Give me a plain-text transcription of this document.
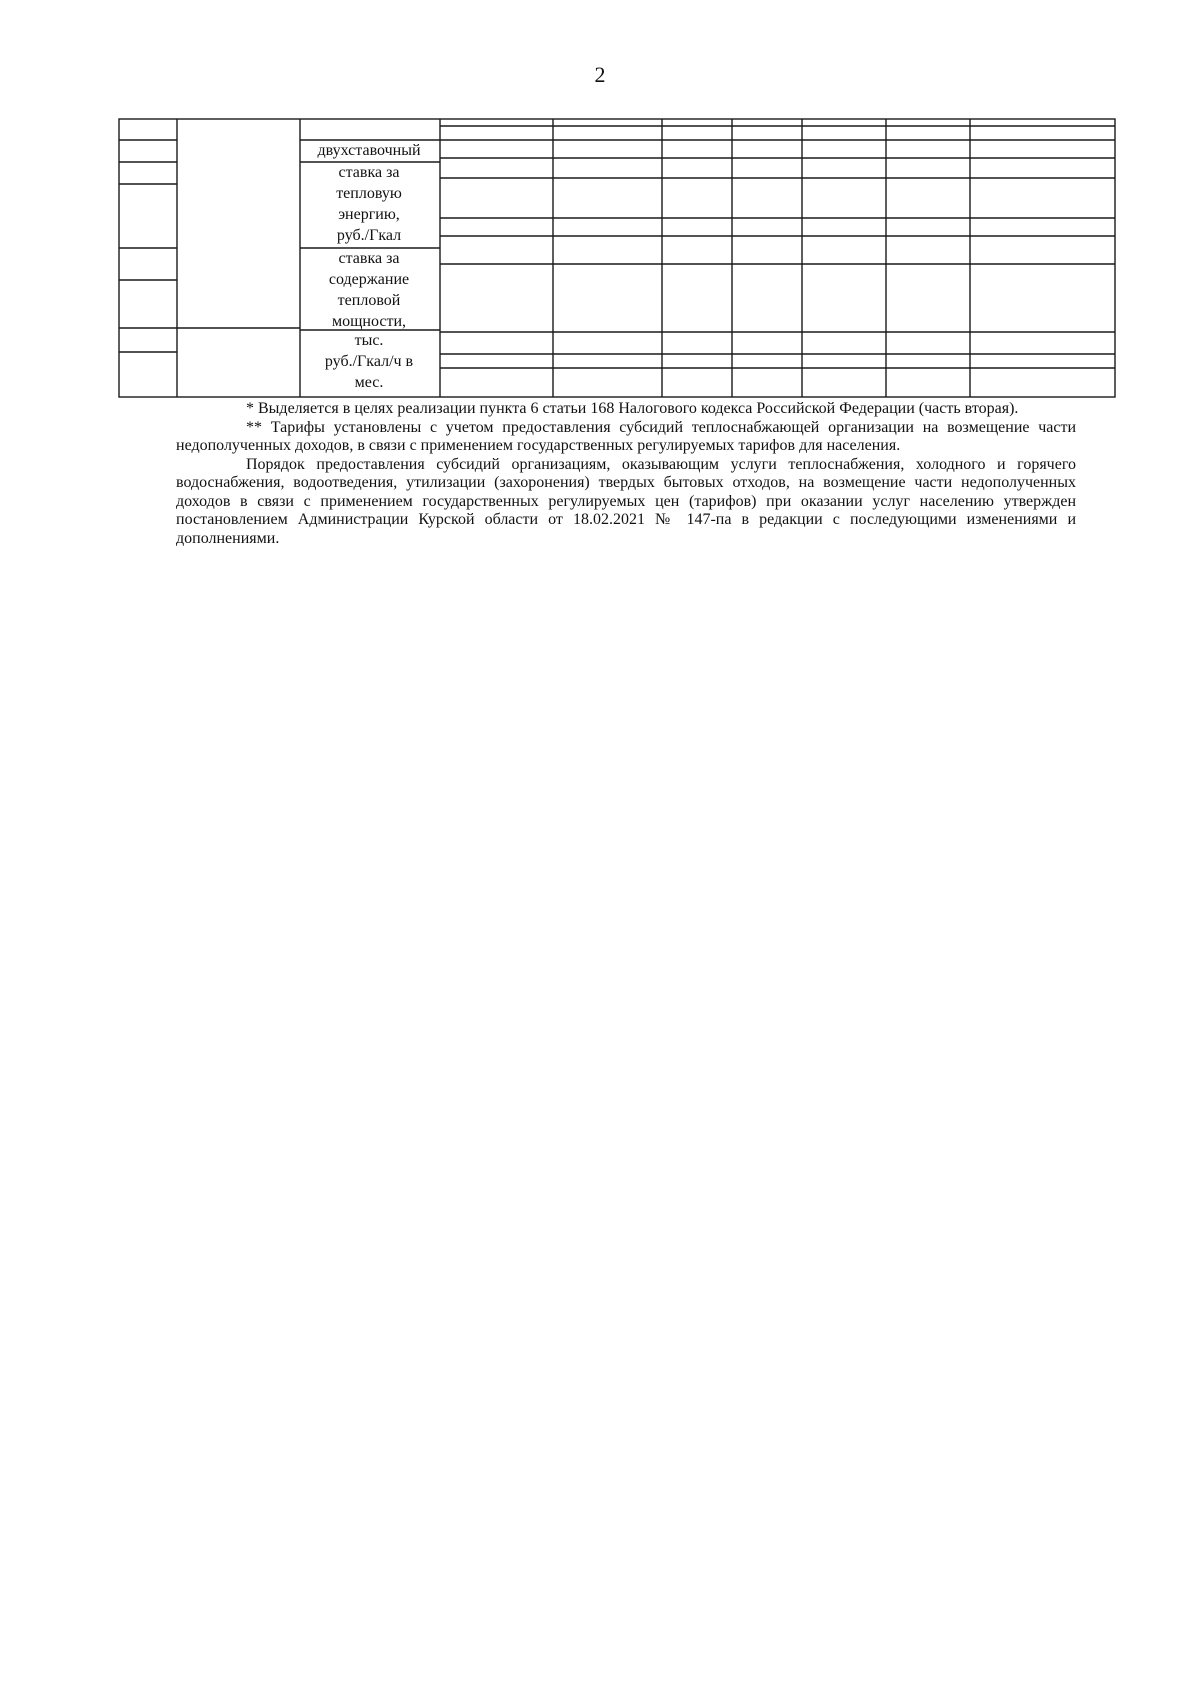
2

двухставочный

ставка за
тепловую
энергию,
руб./Гкал

ставка за
содержание
тепловой
мощности,

тыс.
руб./Гкал/ч в
мес.

* Выделяется в целях реализации пункта 6 статьи 168 Налогового кодекса Российской Федерации (часть вторая).

** Тарифы установлены с учетом предоставления субсидий теплоснабжающей организации на возмещение части недополученных доходов, в связи с применением государственных регулируемых тарифов для населения.

Порядок предоставления субсидий организациям, оказывающим услуги теплоснабжения, холодного и горячего водоснабжения, водоотведения, утилизации (захоронения) твердых бытовых отходов, на возмещение части недополученных доходов в связи с применением государственных регулируемых цен (тарифов) при оказании услуг населению утвержден постановлением Администрации Курской области от 18.02.2021 № 147-па в редакции с последующими изменениями и дополнениями.
